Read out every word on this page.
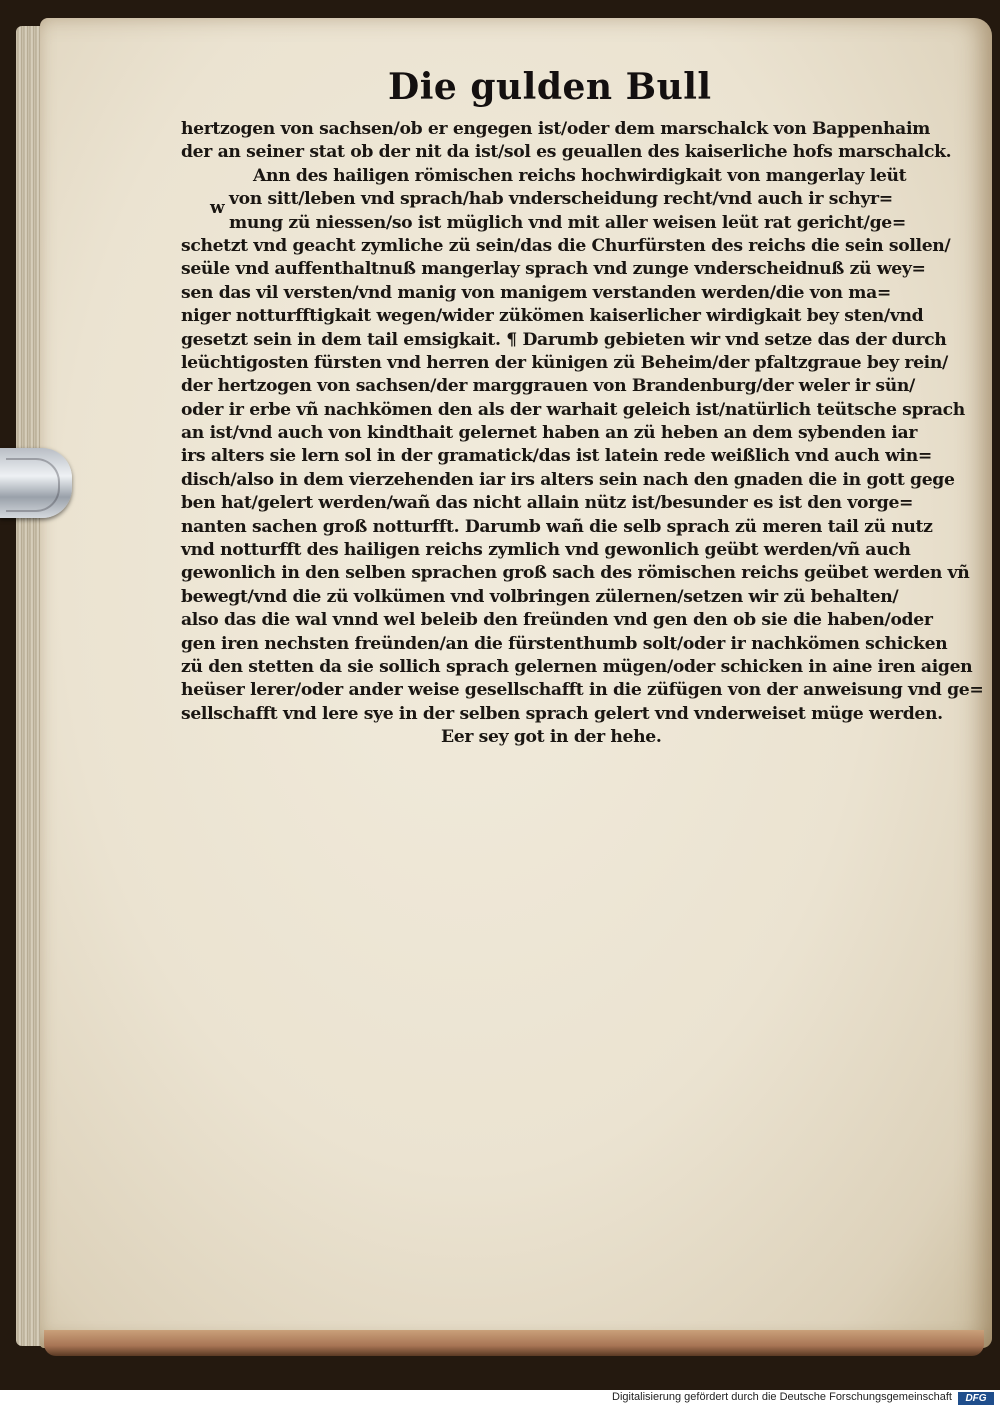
Die gulden Bull
w
hertzogen von sachsen/ob er engegen ist/oder dem marschalck von Bappenhaim
der an seiner stat ob der nit da ist/sol es geuallen des kaiserliche hofs marschalck.
Ann des hailigen römischen reichs hochwirdigkait von mangerlay leüt
von sitt/leben vnd sprach/hab vnderscheidung recht/vnd auch ir schyr=
mung zü niessen/so ist müglich vnd mit aller weisen leüt rat gericht/ge=
schetzt vnd geacht zymliche zü sein/das die Churfürsten des reichs die sein sollen/
seüle vnd auffenthaltnuß mangerlay sprach vnd zunge vnderscheidnuß zü wey=
sen das vil versten/vnd manig von manigem verstanden werden/die von ma=
niger notturfftigkait wegen/wider zükömen kaiserlicher wirdigkait bey sten/vnd
gesetzt sein in dem tail emsigkait. ¶ Darumb gebieten wir vnd setze das der durch
leüchtigosten fürsten vnd herren der künigen zü Beheim/der pfaltzgraue bey rein/
der hertzogen von sachsen/der marggrauen von Brandenburg/der weler ir sün/
oder ir erbe vñ nachkömen den als der warhait geleich ist/natürlich teütsche sprach
an ist/vnd auch von kindthait gelernet haben an zü heben an dem sybenden iar
irs alters sie lern sol in der gramatick/das ist latein rede weißlich vnd auch win=
disch/also in dem vierzehenden iar irs alters sein nach den gnaden die in gott gege
ben hat/gelert werden/wañ das nicht allain nütz ist/besunder es ist den vorge=
nanten sachen groß notturfft. Darumb wañ die selb sprach zü meren tail zü nutz
vnd notturfft des hailigen reichs zymlich vnd gewonlich geübt werden/vñ auch
gewonlich in den selben sprachen groß sach des römischen reichs geübet werden vñ
bewegt/vnd die zü volkümen vnd volbringen zülernen/setzen wir zü behalten/
also das die wal vnnd wel beleib den freünden vnd gen den ob sie die haben/oder
gen iren nechsten freünden/an die fürstenthumb solt/oder ir nachkömen schicken
zü den stetten da sie sollich sprach gelernen mügen/oder schicken in aine iren aigen
heüser lerer/oder ander weise gesellschafft in die züfügen von der anweisung vnd ge=
sellschafft vnd lere sye in der selben sprach gelert vnd vnderweiset müge werden.
Eer sey got in der hehe.
Digitalisierung gefördert durch die Deutsche Forschungsgemeinschaft	DFG
